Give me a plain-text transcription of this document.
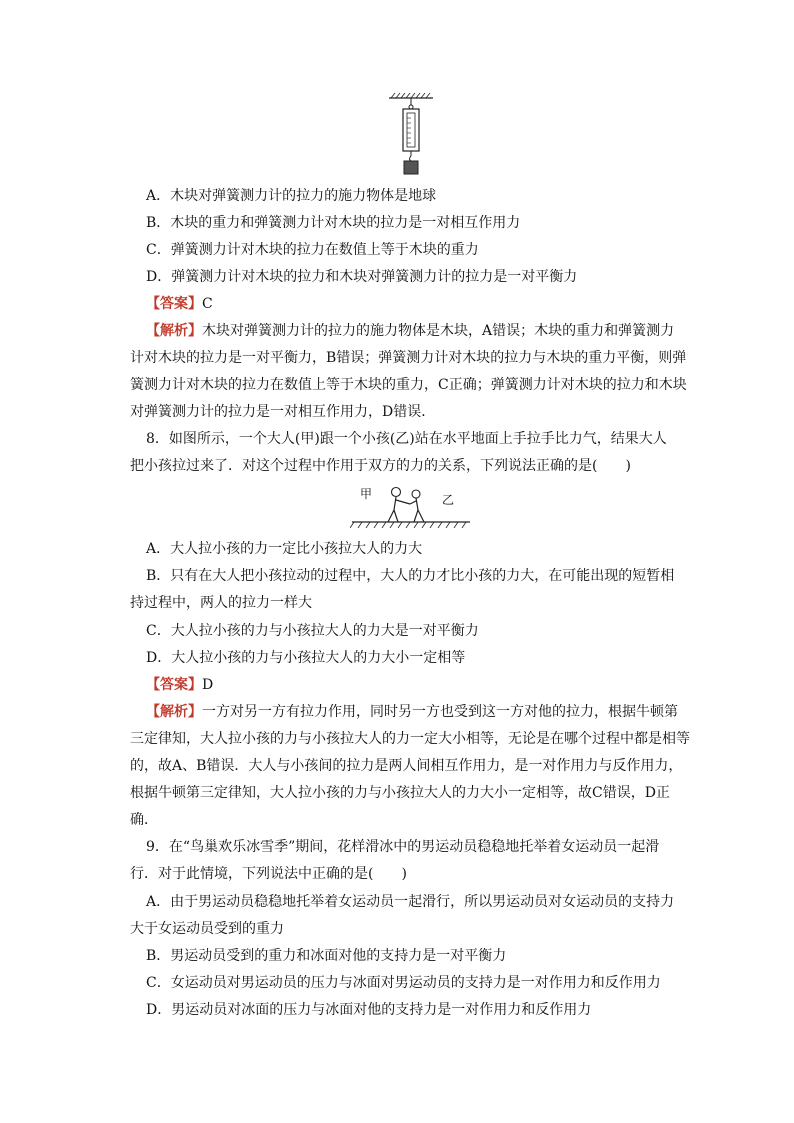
A．木块对弹簧测力计的拉力的施力物体是地球
B．木块的重力和弹簧测力计对木块的拉力是一对相互作用力
C．弹簧测力计对木块的拉力在数值上等于木块的重力
D．弹簧测力计对木块的拉力和木块对弹簧测力计的拉力是一对平衡力
【答案】C
【解析】木块对弹簧测力计的拉力的施力物体是木块，A错误；木块的重力和弹簧测力
计对木块的拉力是一对平衡力，B错误；弹簧测力计对木块的拉力与木块的重力平衡，则弹
簧测力计对木块的拉力在数值上等于木块的重力，C正确；弹簧测力计对木块的拉力和木块
对弹簧测力计的拉力是一对相互作用力，D错误．
8．如图所示，一个大人(甲)跟一个小孩(乙)站在水平地面上手拉手比力气，结果大人
把小孩拉过来了．对这个过程中作用于双方的力的关系，下列说法正确的是(　　)
甲	乙
A．大人拉小孩的力一定比小孩拉大人的力大
B．只有在大人把小孩拉动的过程中，大人的力才比小孩的力大，在可能出现的短暂相
持过程中，两人的拉力一样大
C．大人拉小孩的力与小孩拉大人的力大是一对平衡力
D．大人拉小孩的力与小孩拉大人的力大小一定相等
【答案】D
【解析】一方对另一方有拉力作用，同时另一方也受到这一方对他的拉力，根据牛顿第
三定律知，大人拉小孩的力与小孩拉大人的力一定大小相等，无论是在哪个过程中都是相等
的，故A、B错误．大人与小孩间的拉力是两人间相互作用力，是一对作用力与反作用力，
根据牛顿第三定律知，大人拉小孩的力与小孩拉大人的力大小一定相等，故C错误，D正
确．
9．在“鸟巢欢乐冰雪季”期间，花样滑冰中的男运动员稳稳地托举着女运动员一起滑
行．对于此情境，下列说法中正确的是(　　)
A．由于男运动员稳稳地托举着女运动员一起滑行，所以男运动员对女运动员的支持力
大于女运动员受到的重力
B．男运动员受到的重力和冰面对他的支持力是一对平衡力
C．女运动员对男运动员的压力与冰面对男运动员的支持力是一对作用力和反作用力
D．男运动员对冰面的压力与冰面对他的支持力是一对作用力和反作用力
